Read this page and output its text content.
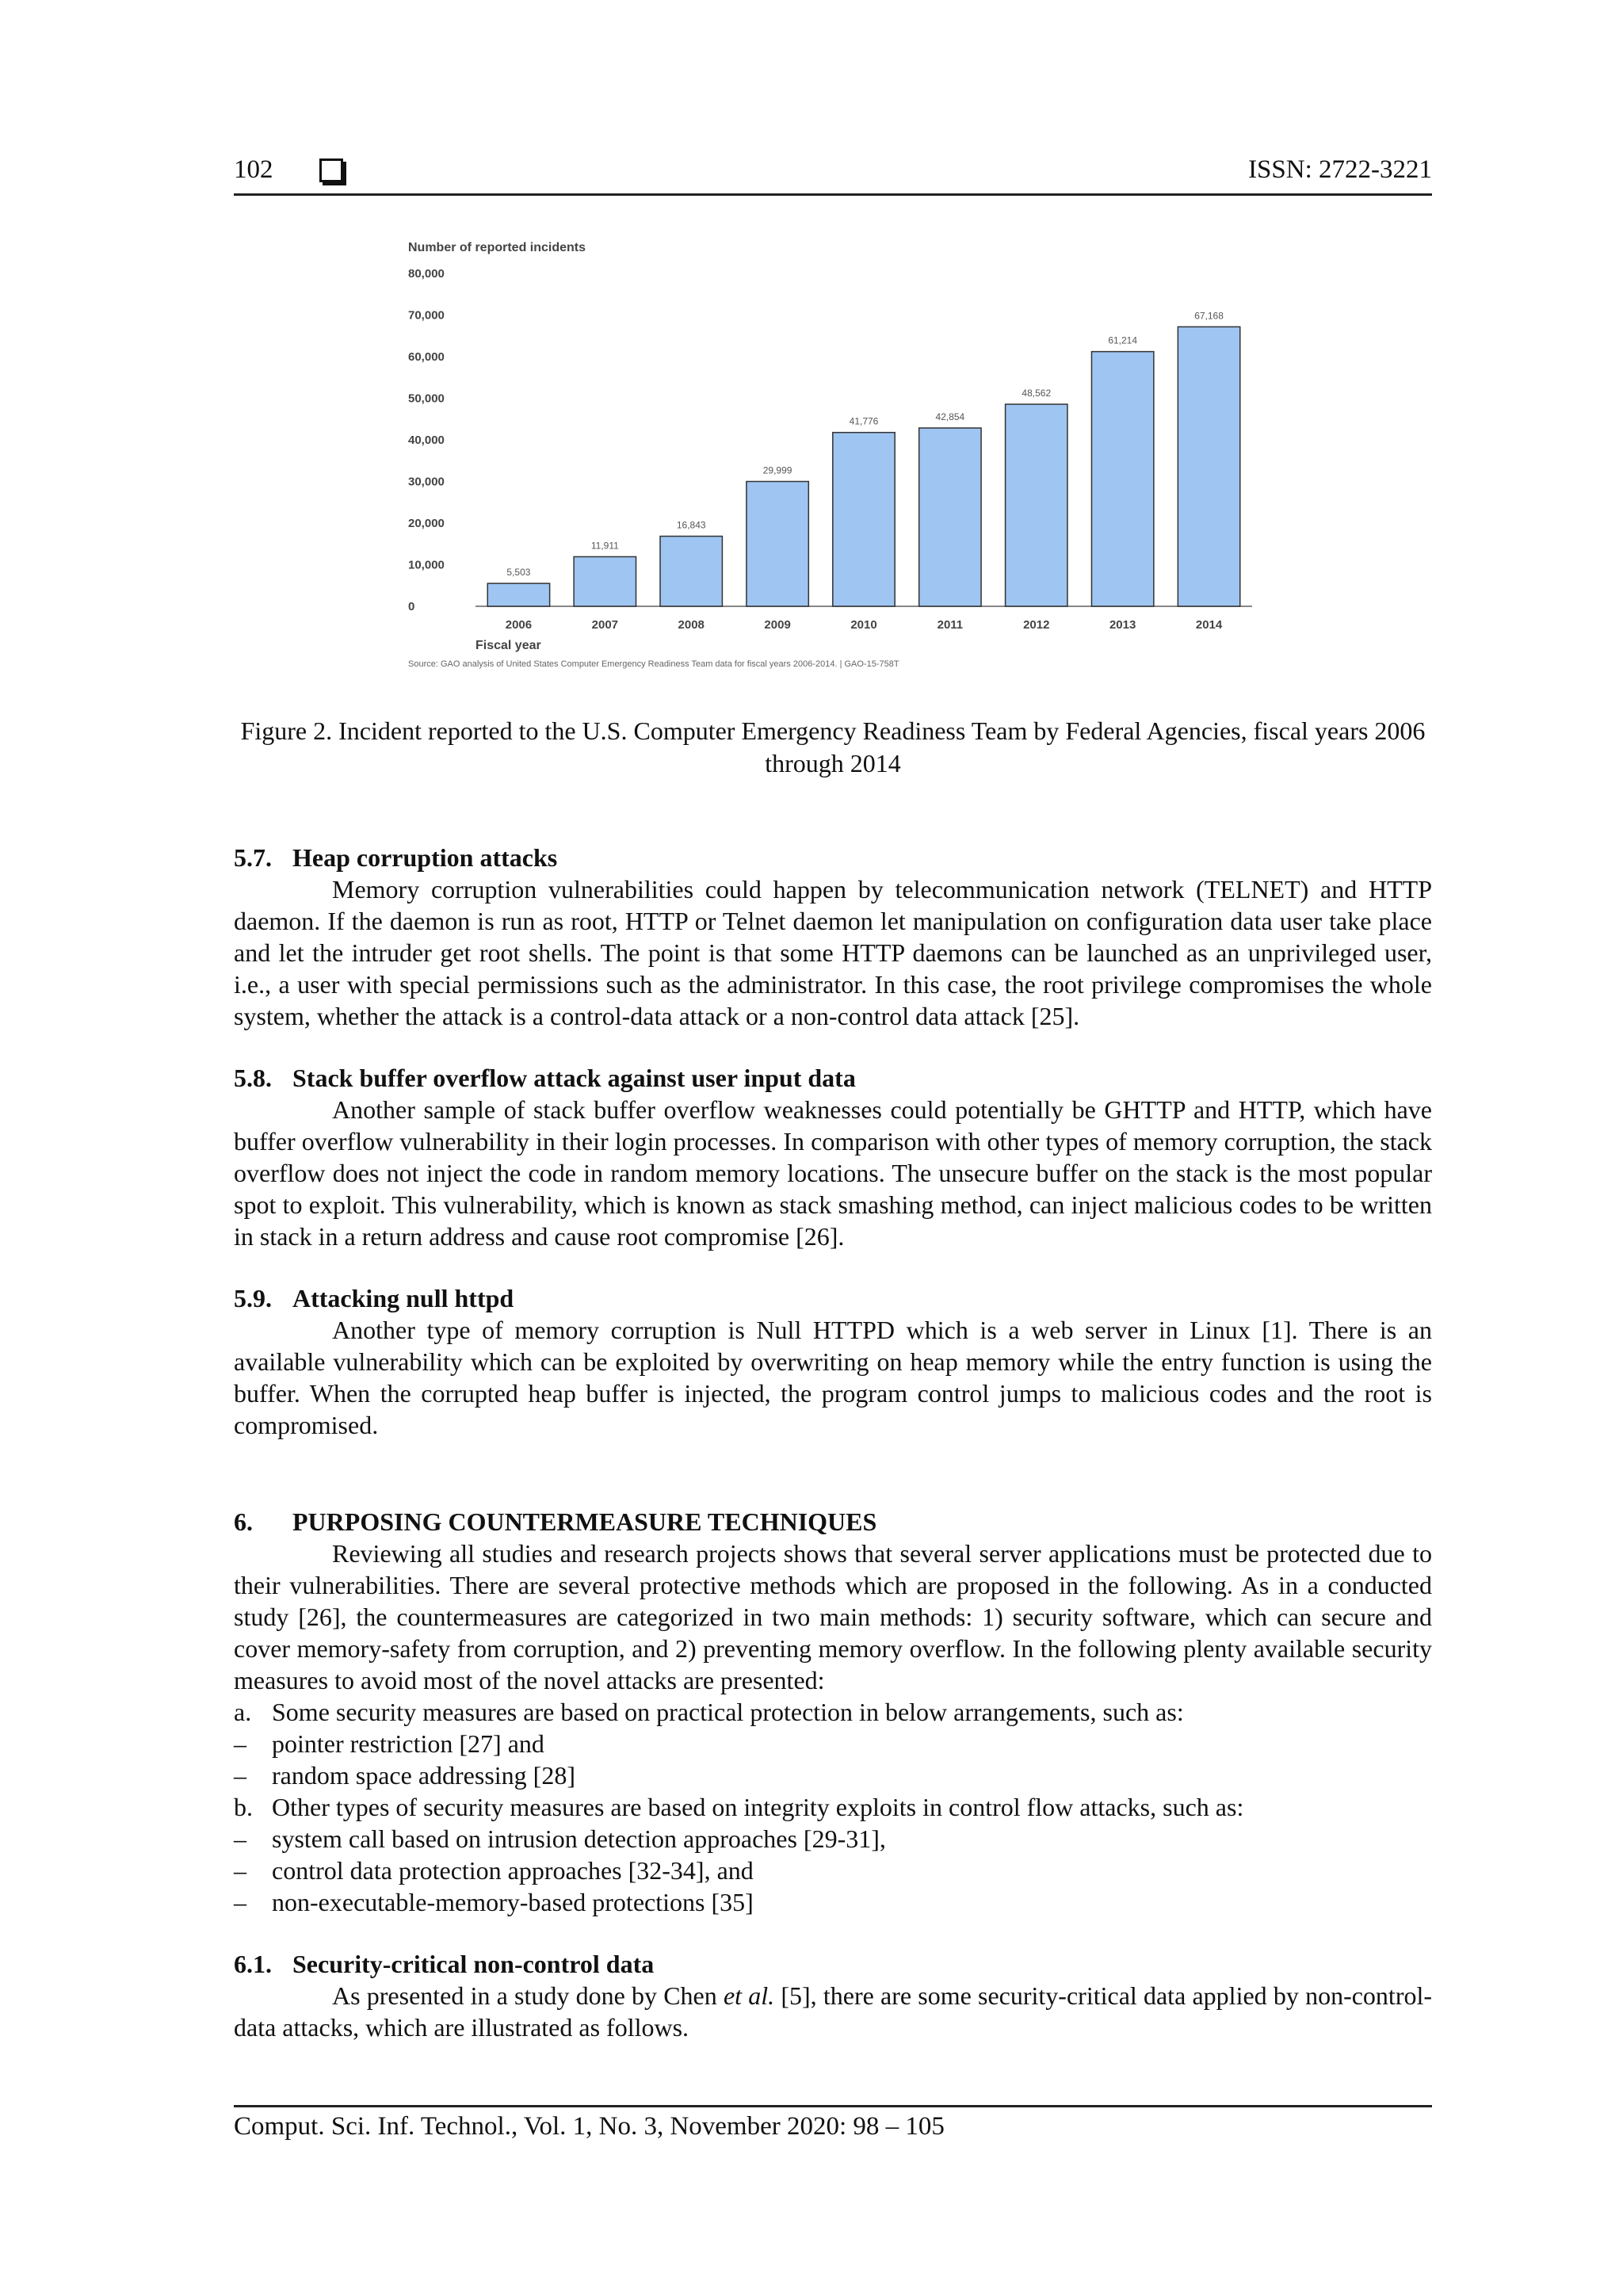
102	ISSN: 2722-3221
Number of reported incidents
Fiscal year
Source: GAO analysis of United States Computer Emergency Readiness Team data for fiscal years 2006-2014. | GAO-15-758T
80,000
70,000
60,000
50,000
40,000
30,000
20,000
10,000
0
5,503
2006
11,911
2007
16,843
2008
29,999
2009
41,776
2010
42,854
2011
48,562
2012
61,214
2013
67,168
2014
Figure 2. Incident reported to the U.S. Computer Emergency Readiness Team by Federal Agencies, fiscal years 2006 through 2014

5.7. Heap corruption attacks

Memory corruption vulnerabilities could happen by telecommunication network (TELNET) and HTTP daemon. If the daemon is run as root, HTTP or Telnet daemon let manipulation on configuration data user take place and let the intruder get root shells. The point is that some HTTP daemons can be launched as an unprivileged user, i.e., a user with special permissions such as the administrator. In this case, the root privilege compromises the whole system, whether the attack is a control-data attack or a non-control data attack [25].

5.8. Stack buffer overflow attack against user input data

Another sample of stack buffer overflow weaknesses could potentially be GHTTP and HTTP, which have buffer overflow vulnerability in their login processes. In comparison with other types of memory corruption, the stack overflow does not inject the code in random memory locations. The unsecure buffer on the stack is the most popular spot to exploit. This vulnerability, which is known as stack smashing method, can inject malicious codes to be written in stack in a return address and cause root compromise [26].

5.9. Attacking null httpd

Another type of memory corruption is Null HTTPD which is a web server in Linux [1]. There is an available vulnerability which can be exploited by overwriting on heap memory while the entry function is using the buffer. When the corrupted heap buffer is injected, the program control jumps to malicious codes and the root is compromised.

6. PURPOSING COUNTERMEASURE TECHNIQUES

Reviewing all studies and research projects shows that several server applications must be protected due to their vulnerabilities. There are several protective methods which are proposed in the following. As in a conducted study [26], the countermeasures are categorized in two main methods: 1) security software, which can secure and cover memory-safety from corruption, and 2) preventing memory overflow. In the following plenty available security measures to avoid most of the novel attacks are presented:

a. Some security measures are based on practical protection in below arrangements, such as:

– pointer restriction [27] and

– random space addressing [28]

b. Other types of security measures are based on integrity exploits in control flow attacks, such as:

– system call based on intrusion detection approaches [29-31],

– control data protection approaches [32-34], and

– non-executable-memory-based protections [35]

6.1. Security-critical non-control data

As presented in a study done by Chen et al. [5], there are some security-critical data applied by non-control-data attacks, which are illustrated as follows.

Comput. Sci. Inf. Technol., Vol. 1, No. 3, November 2020: 98 – 105
